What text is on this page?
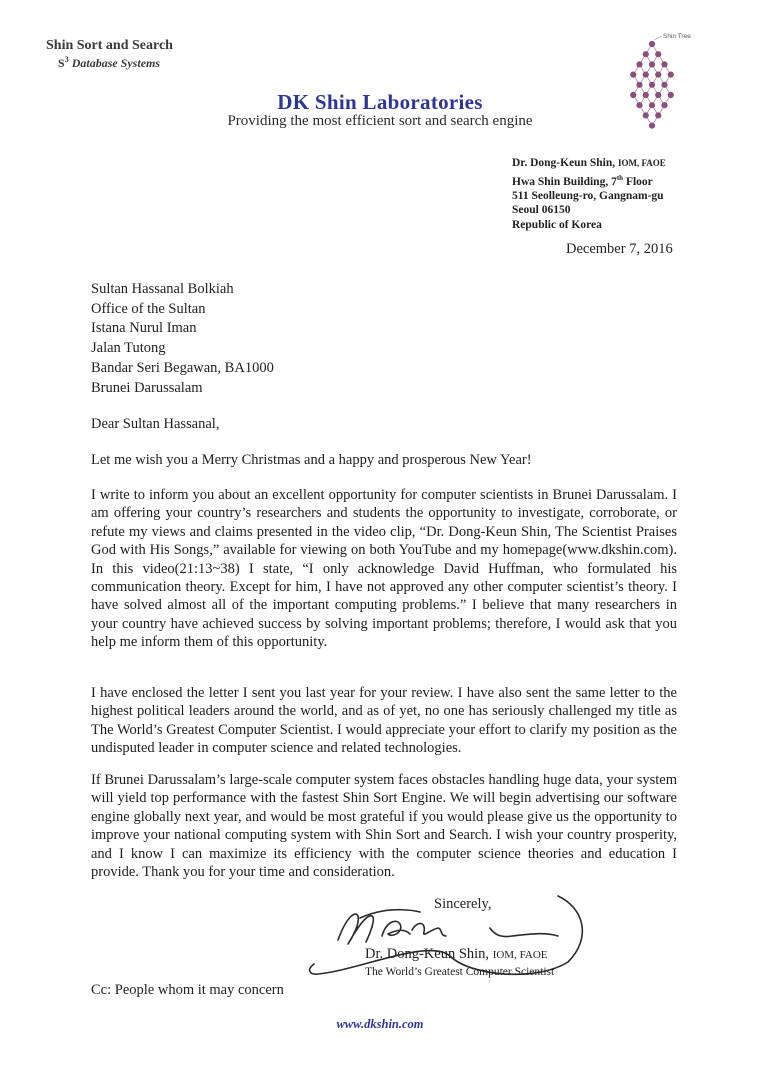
Shin Sort and Search
$S^3$ Database Systems
DK Shin Laboratories
Providing the most efficient sort and search engine
Shin Tree
Dr. Dong-Keun Shin, IOM, FAOE
Hwa Shin Building, 7th Floor
511 Seolleung-ro, Gangnam-gu
Seoul 06150
Republic of Korea
December 7, 2016
Sultan Hassanal Bolkiah
Office of the Sultan
Istana Nurul Iman
Jalan Tutong
Bandar Seri Begawan, BA1000
Brunei Darussalam

Dear Sultan Hassanal,

Let me wish you a Merry Christmas and a happy and prosperous New Year!

I write to inform you about an excellent opportunity for computer scientists in Brunei Darussalam. I am offering your country’s researchers and students the opportunity to investigate, corroborate, or refute my views and claims presented in the video clip, “Dr. Dong-Keun Shin, The Scientist Praises God with His Songs,” available for viewing on both YouTube and my homepage(www.dkshin.com). In this video(21:13~38) I state, “I only acknowledge David Huffman, who formulated his communication theory. Except for him, I have not approved any other computer scientist’s theory. I have solved almost all of the important computing problems.” I believe that many researchers in your country have achieved success by solving important problems; therefore, I would ask that you help me inform them of this opportunity.

I have enclosed the letter I sent you last year for your review. I have also sent the same letter to the highest political leaders around the world, and as of yet, no one has seriously challenged my title as The World’s Greatest Computer Scientist. I would appreciate your effort to clarify my position as the undisputed leader in computer science and related technologies.

If Brunei Darussalam’s large-scale computer system faces obstacles handling huge data, your system will yield top performance with the fastest Shin Sort Engine. We will begin advertising our software engine globally next year, and would be most grateful if you would please give us the opportunity to improve your national computing system with Shin Sort and Search. I wish your country prosperity, and I know I can maximize its efficiency with the computer science theories and education I provide. Thank you for your time and consideration.

Sincerely,
Dr. Dong-Keun Shin, IOM, FAOE
The World’s Greatest Computer Scientist
Cc: People whom it may concern
www.dkshin.com
